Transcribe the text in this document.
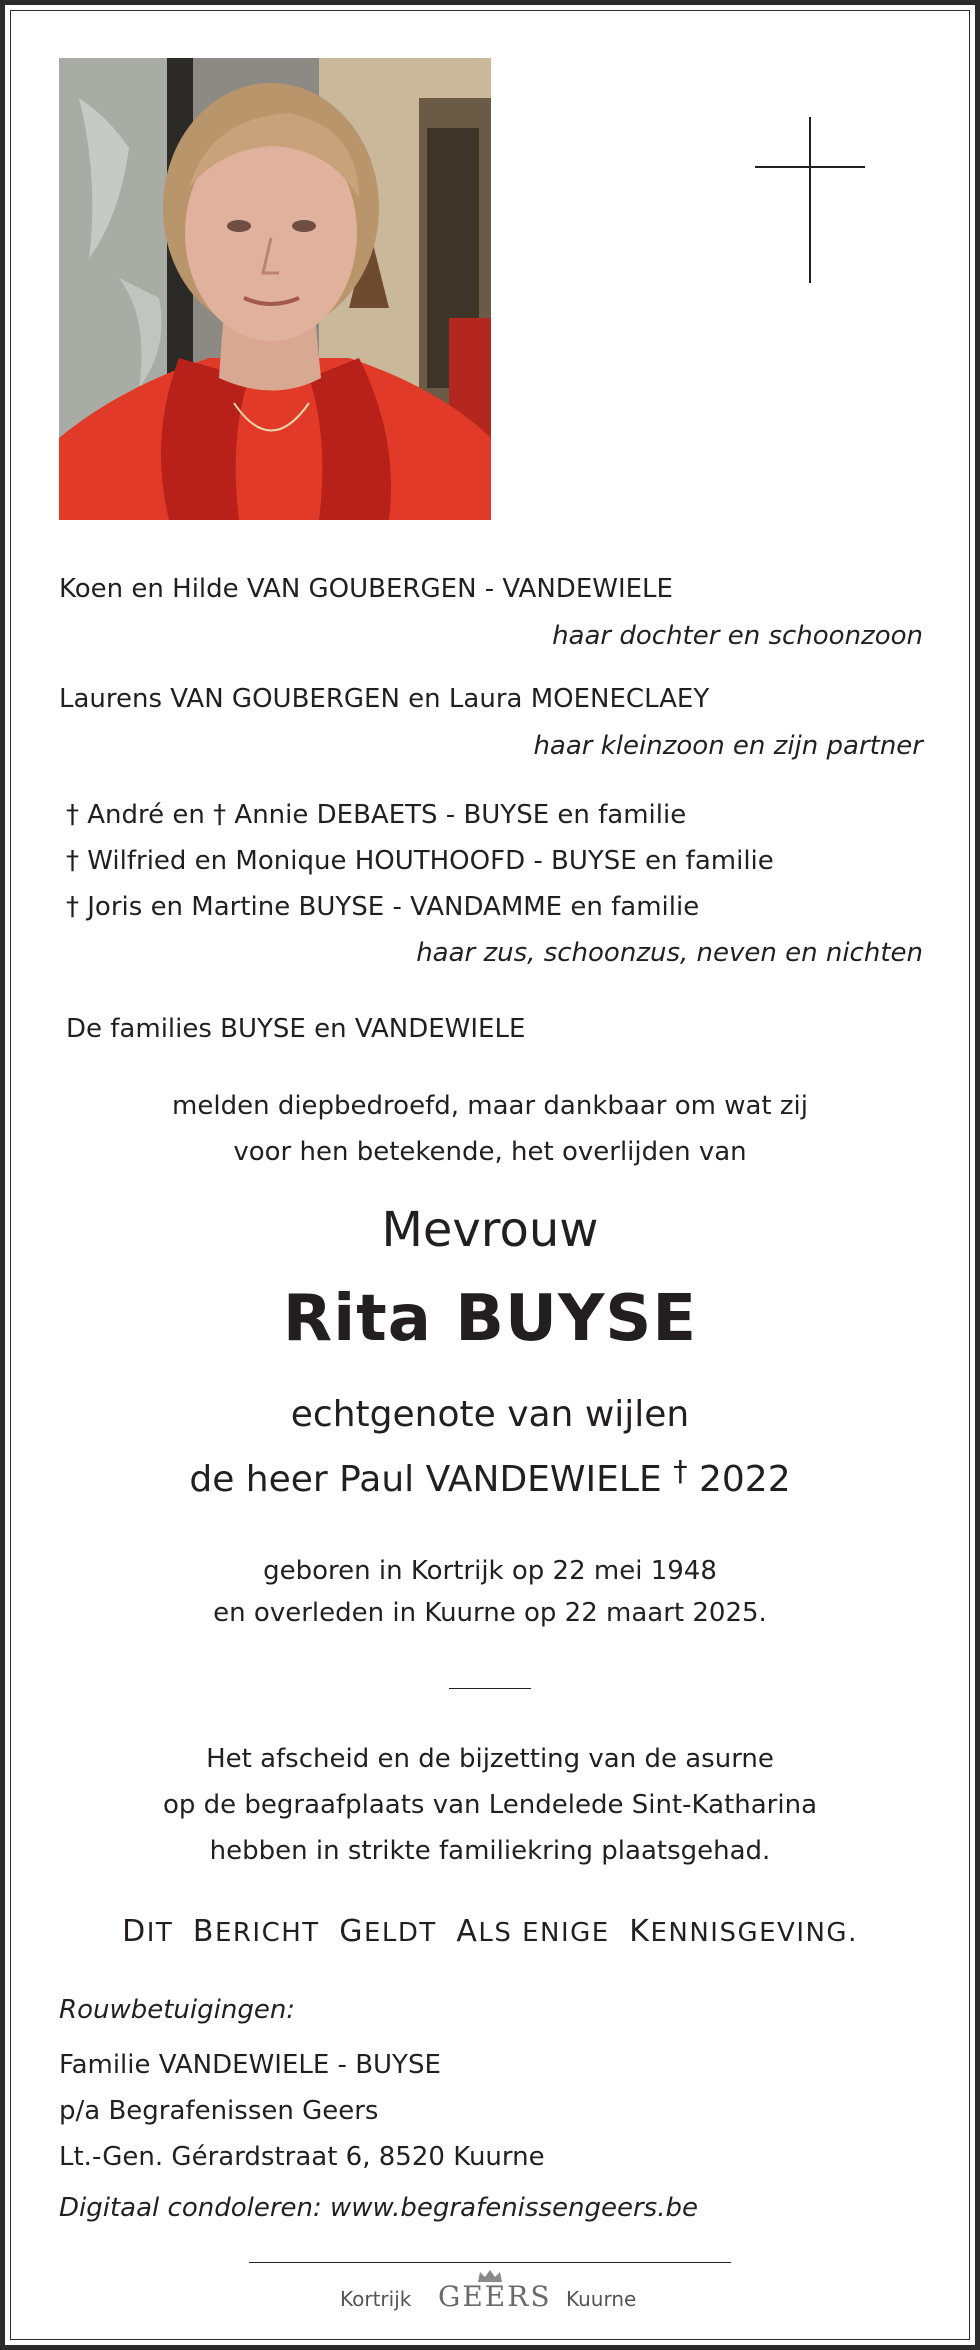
Koen en Hilde VAN GOUBERGEN - VANDEWIELE
haar dochter en schoonzoon
Laurens VAN GOUBERGEN en Laura MOENECLAEY
haar kleinzoon en zijn partner
† André en † Annie DEBAETS - BUYSE en familie
† Wilfried en Monique HOUTHOOFD - BUYSE en familie
† Joris en Martine BUYSE - VANDAMME en familie
haar zus, schoonzus, neven en nichten
De families BUYSE en VANDEWIELE
melden diepbedroefd, maar dankbaar om wat zij
voor hen betekende, het overlijden van
Mevrouw
Rita BUYSE
echtgenote van wijlen
de heer Paul VANDEWIELE † 2022
geboren in Kortrijk op 22 mei 1948
en overleden in Kuurne op 22 maart 2025.
Het afscheid en de bijzetting van de asurne
op de begraafplaats van Lendelede Sint-Katharina
hebben in strikte familiekring plaatsgehad.
DIT BERICHT GELDT ALS ENIGE KENNISGEVING.
Rouwbetuigingen:
Familie VANDEWIELE - BUYSE
p/a Begrafenissen Geers
Lt.-Gen. Gérardstraat 6, 8520 Kuurne
Digitaal condoleren: www.begrafenissengeers.be
Kortrijk GEERS Kuurne
